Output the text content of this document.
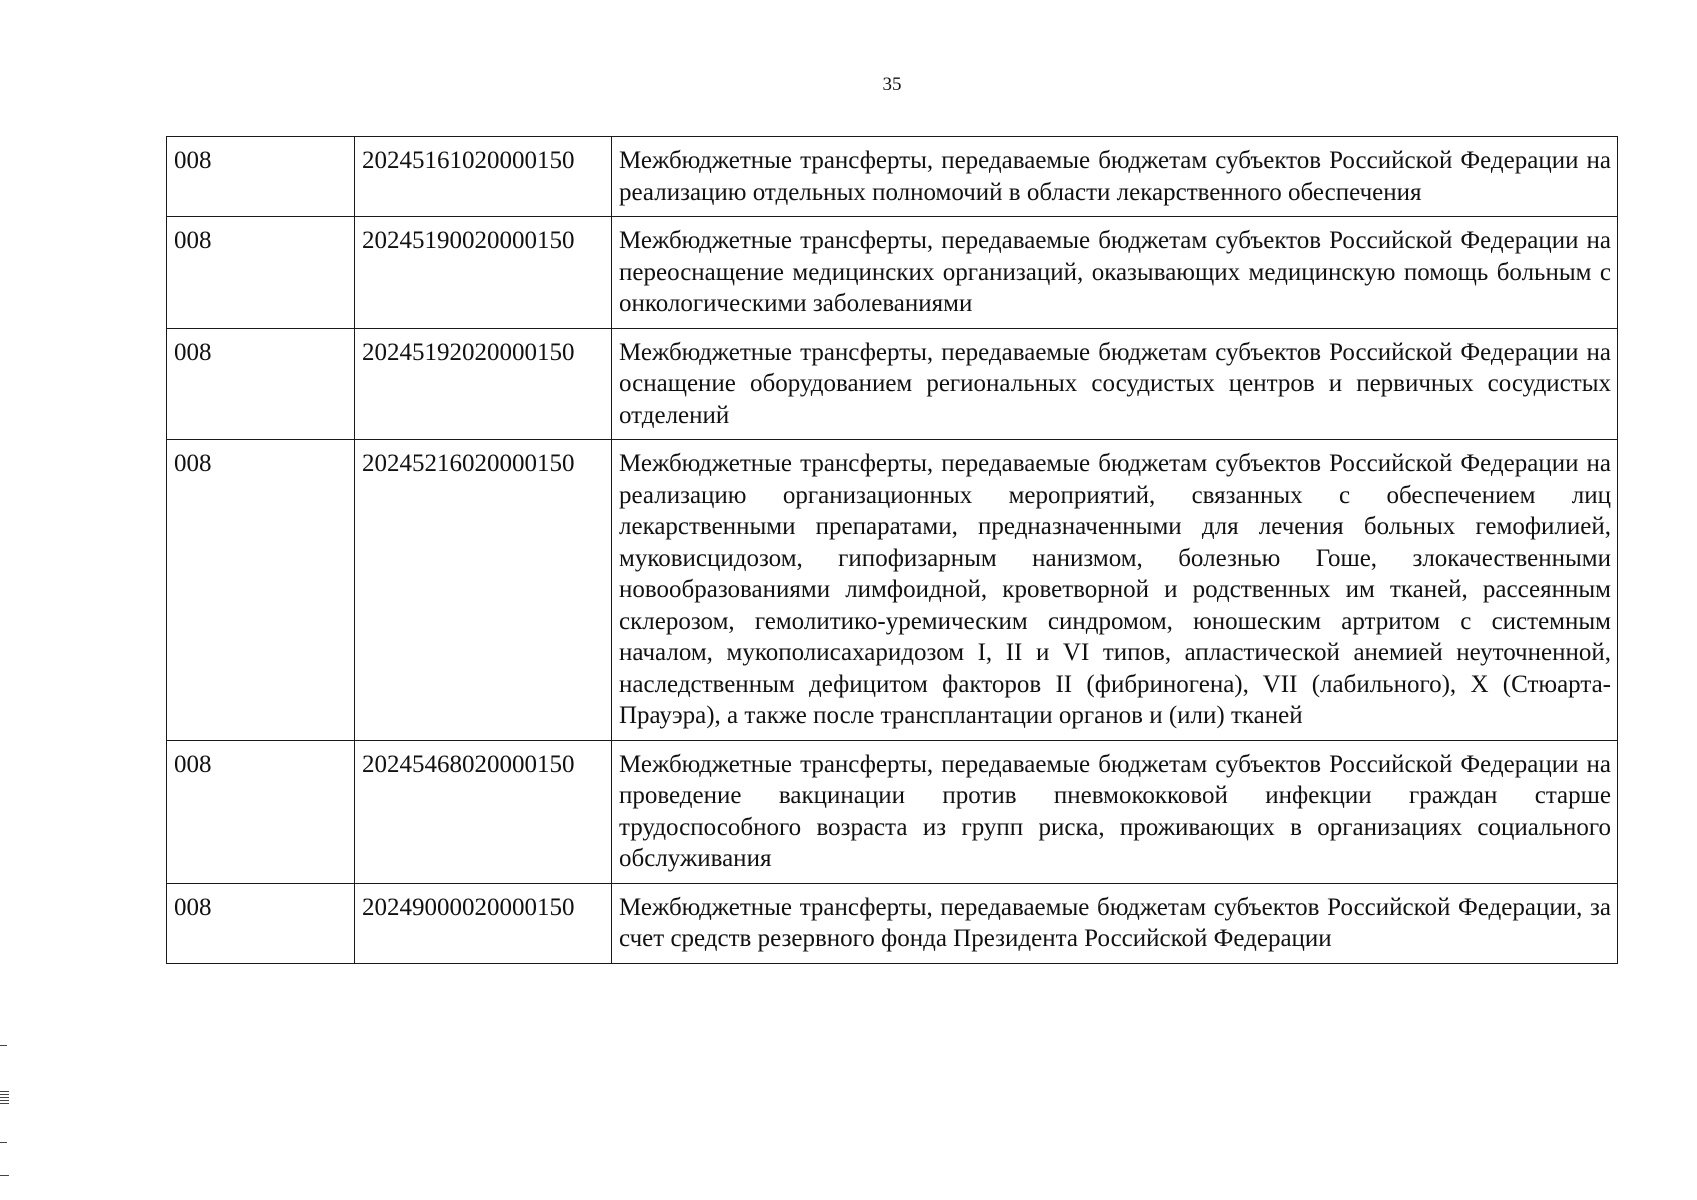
35
008	20245161020000150	Межбюджетные трансферты, передаваемые бюджетам субъектов Российской Федерации на реализацию отдельных полномочий в области лекарственного обеспечения
008	20245190020000150	Межбюджетные трансферты, передаваемые бюджетам субъектов Российской Федерации на переоснащение медицинских организаций, оказывающих медицинскую помощь больным с онкологическими заболеваниями
008	20245192020000150	Межбюджетные трансферты, передаваемые бюджетам субъектов Российской Федерации на оснащение оборудованием региональных сосудистых центров и первичных сосудистых отделений
008	20245216020000150	Межбюджетные трансферты, передаваемые бюджетам субъектов Российской Федерации на реализацию организационных мероприятий, связанных с обеспечением лиц лекарственными препаратами, предназначенными для лечения больных гемофилией, муковисцидозом, гипофизарным нанизмом, болезнью Гоше, злокачественными новообразованиями лимфоидной, кроветворной и родственных им тканей, рассеянным склерозом, гемолитико-уремическим синдромом, юношеским артритом с системным началом, мукополисахаридозом I, II и VI типов, апластической анемией неуточненной, наследственным дефицитом факторов II (фибриногена), VII (лабильного), X (Стюарта-Прауэра), а также после трансплантации органов и (или) тканей
008	20245468020000150	Межбюджетные трансферты, передаваемые бюджетам субъектов Российской Федерации на проведение вакцинации против пневмококковой инфекции граждан старше трудоспособного возраста из групп риска, проживающих в организациях социального обслуживания
008	20249000020000150	Межбюджетные трансферты, передаваемые бюджетам субъектов Российской Федерации, за счет средств резервного фонда Президента Российской Федерации
